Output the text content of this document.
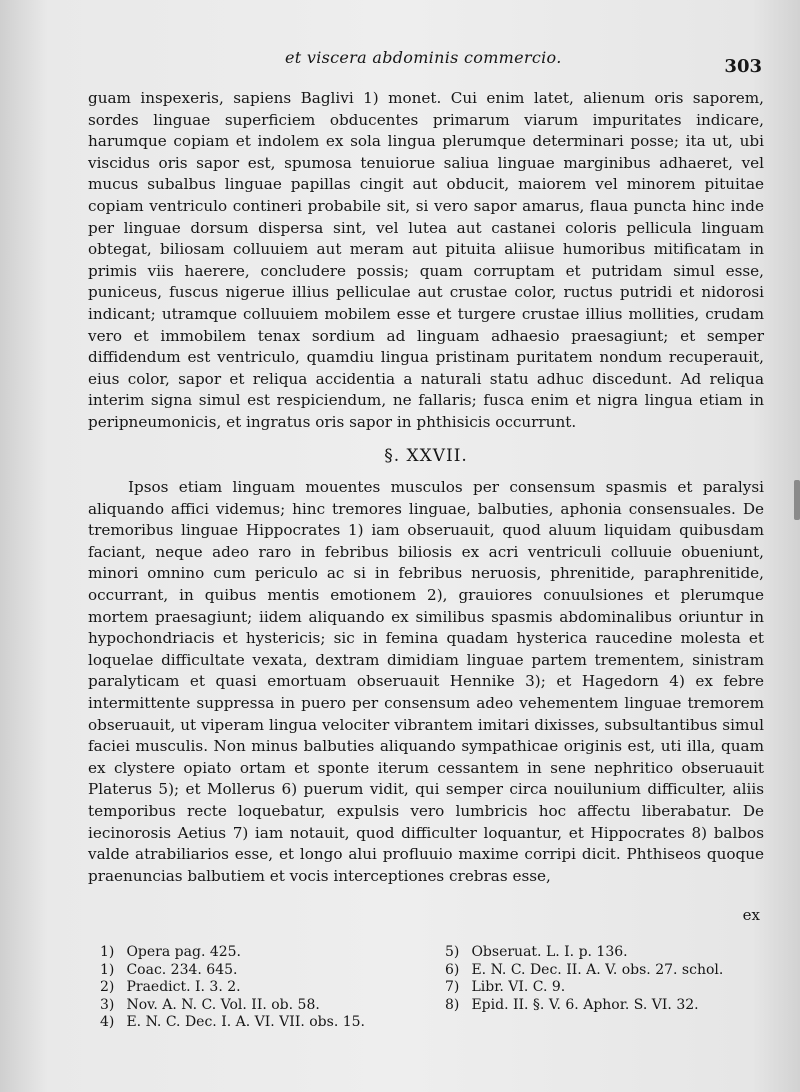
et viscera abdominis commercio.	303

guam inspexeris, sapiens Baglivi 1) monet. Cui enim latet, alienum oris saporem, sordes linguae superficiem obducentes primarum viarum impuritates indicare, harumque copiam et indolem ex sola lingua plerumque determinari posse; ita ut, ubi viscidus oris sapor est, spumosa tenuiorue saliua linguae marginibus adhaeret, vel mucus subalbus linguae papillas cingit aut obducit, maiorem vel minorem pituitae copiam ventriculo contineri probabile sit, si vero sapor amarus, flaua puncta hinc inde per linguae dorsum dispersa sint, vel lutea aut castanei coloris pellicula linguam obtegat, biliosam colluuiem aut meram aut pituita aliisue humoribus mitificatam in primis viis haerere, concludere possis; quam corruptam et putridam simul esse, puniceus, fuscus nigerue illius pelliculae aut crustae color, ructus putridi et nidorosi indicant; utramque colluuiem mobilem esse et turgere crustae illius mollities, crudam vero et immobilem tenax sordium ad linguam adhaesio praesagiunt; et semper diffidendum est ventriculo, quamdiu lingua pristinam puritatem nondum recuperauit, eius color, sapor et reliqua accidentia a naturali statu adhuc discedunt. Ad reliqua interim signa simul est respiciendum, ne fallaris; fusca enim et nigra lingua etiam in peripneumonicis, et ingratus oris sapor in phthisicis occurrunt.

§. XXVII.

Ipsos etiam linguam mouentes musculos per consensum spasmis et paralysi aliquando affici videmus; hinc tremores linguae, balbuties, aphonia consensuales. De tremoribus linguae Hippocrates 1) iam obseruauit, quod aluum liquidam quibusdam faciant, neque adeo raro in febribus biliosis ex acri ventriculi colluuie obueniunt, minori omnino cum periculo ac si in febribus neruosis, phrenitide, paraphrenitide, occurrant, in quibus mentis emotionem 2), grauiores conuulsiones et plerumque mortem praesagiunt; iidem aliquando ex similibus spasmis abdominalibus oriuntur in hypochondriacis et hystericis; sic in femina quadam hysterica raucedine molesta et loquelae difficultate vexata, dextram dimidiam linguae partem trementem, sinistram paralyticam et quasi emortuam obseruauit Hennike 3); et Hagedorn 4) ex febre intermittente suppressa in puero per consensum adeo vehementem linguae tremorem obseruauit, ut viperam lingua velociter vibrantem imitari dixisses, subsultantibus simul faciei musculis. Non minus balbuties aliquando sympathicae originis est, uti illa, quam ex clystere opiato ortam et sponte iterum cessantem in sene nephritico obseruauit Platerus 5); et Mollerus 6) puerum vidit, qui semper circa nouilunium difficulter, aliis temporibus recte loquebatur, expulsis vero lumbricis hoc affectu liberabatur. De iecinorosis Aetius 7) iam notauit, quod difficulter loquantur, et Hippocrates 8) balbos valde atrabiliarios esse, et longo alui profluuio maxime corripi dicit. Phthiseos quoque praenuncias balbutiem et vocis interceptiones crebras esse,

ex
1) Opera pag. 425.
1) Coac. 234. 645.
2) Praedict. I. 3. 2.
3) Nov. A. N. C. Vol. II. ob. 58.
4) E. N. C. Dec. I. A. VI. VII. obs. 15.
5) Obseruat. L. I. p. 136.
6) E. N. C. Dec. II. A. V. obs. 27. schol.
7) Libr. VI. C. 9.
8) Epid. II. §. V. 6. Aphor. S. VI. 32.
